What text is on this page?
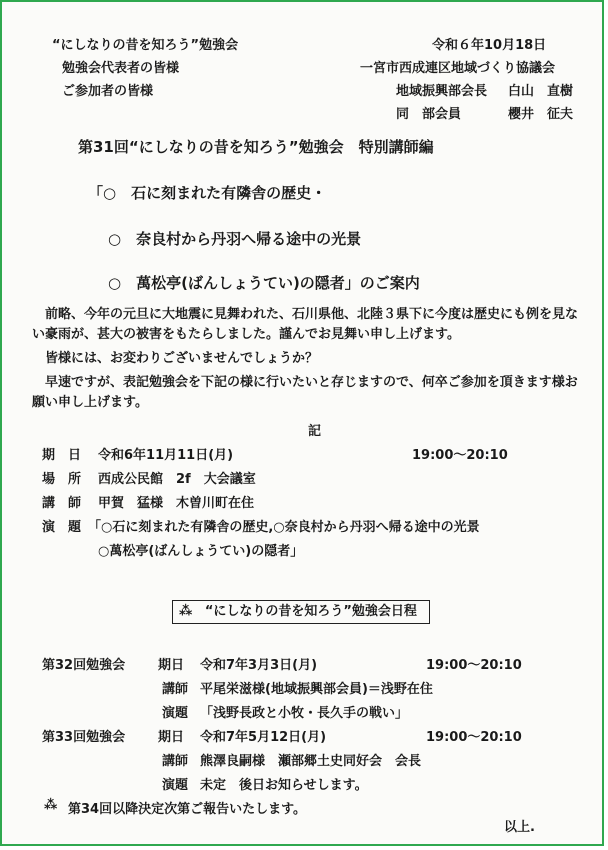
“にしなりの昔を知ろう”勉強会
勉強会代表者の皆様
ご参加者の皆様
令和６年10月18日
一宮市西成連区地域づくり協議会
地域振興部会長 白山　直樹
同　部会員	櫻井　征夫
第31回“にしなりの昔を知ろう”勉強会　特別講師編
「○　石に刻まれた有隣舎の歴史・
○　奈良村から丹羽へ帰る途中の光景
○　萬松亭(ばんしょうてい)の隠者」のご案内
前略、今年の元旦に大地震に見舞われた、石川県他、北陸３県下に今度は歴史にも例を見ない豪雨が、甚大の被害をもたらしました。謹んでお見舞い申し上げます。
皆様には、お変わりございませんでしょうか？
早速ですが、表記勉強会を下記の様に行いたいと存じますので、何卒ご参加を頂きます様お願い申し上げます。
記
期　日 令和6年11月11日(月)	19:00～20:10
場　所 西成公民館　2f　大会議室
講　師 甲賀　猛様　木曽川町在住
演　題 「○石に刻まれた有隣舎の歴史,○奈良村から丹羽へ帰る途中の光景
○萬松亭(ばんしょうてい)の隠者」
⁂ “にしなりの昔を知ろう”勉強会日程
第32回勉強会	期日 令和7年3月3日(月)	19:00～20:10
講師 平尾栄滋様(地域振興部会員)＝浅野在住
演題 「浅野長政と小牧・長久手の戦い」
第33回勉強会	期日 令和7年5月12日(月)	19:00～20:10
講師 熊澤良嗣様　瀬部郷土史同好会　会長
演題 未定　後日お知らせします。
⁂ 第34回以降決定次第ご報告いたします。
以上.
